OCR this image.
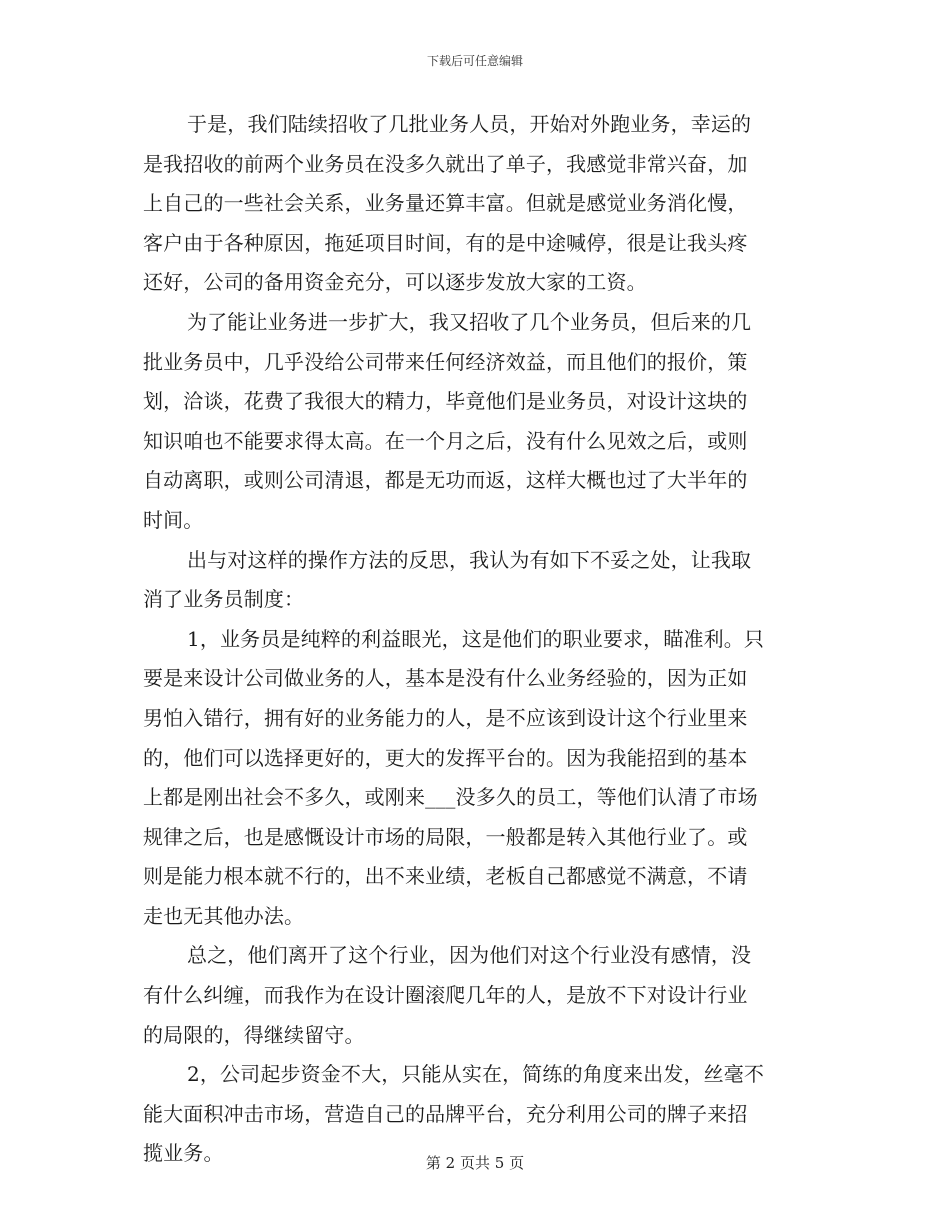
下载后可任意编辑

于是，我们陆续招收了几批业务人员，开始对外跑业务，幸运的
是我招收的前两个业务员在没多久就出了单子，我感觉非常兴奋，加
上自己的一些社会关系，业务量还算丰富。但就是感觉业务消化慢，
客户由于各种原因，拖延项目时间，有的是中途喊停，很是让我头疼
还好，公司的备用资金充分，可以逐步发放大家的工资。

为了能让业务进一步扩大，我又招收了几个业务员，但后来的几
批业务员中，几乎没给公司带来任何经济效益，而且他们的报价，策
划，洽谈，花费了我很大的精力，毕竟他们是业务员，对设计这块的
知识咱也不能要求得太高。在一个月之后，没有什么见效之后，或则
自动离职，或则公司清退，都是无功而返，这样大概也过了大半年的
时间。

出与对这样的操作方法的反思，我认为有如下不妥之处，让我取
消了业务员制度：

1，业务员是纯粹的利益眼光，这是他们的职业要求，瞄准利。只
要是来设计公司做业务的人，基本是没有什么业务经验的，因为正如
男怕入错行，拥有好的业务能力的人，是不应该到设计这个行业里来
的，他们可以选择更好的，更大的发挥平台的。因为我能招到的基本
上都是刚出社会不多久，或刚来___没多久的员工，等他们认清了市场
规律之后，也是感慨设计市场的局限，一般都是转入其他行业了。或
则是能力根本就不行的，出不来业绩，老板自己都感觉不满意，不请
走也无其他办法。

总之，他们离开了这个行业，因为他们对这个行业没有感情，没
有什么纠缠，而我作为在设计圈滚爬几年的人，是放不下对设计行业
的局限的，得继续留守。

2，公司起步资金不大，只能从实在，简练的角度来出发，丝毫不
能大面积冲击市场，营造自己的品牌平台，充分利用公司的牌子来招
揽业务。	第 2 页共 5 页
